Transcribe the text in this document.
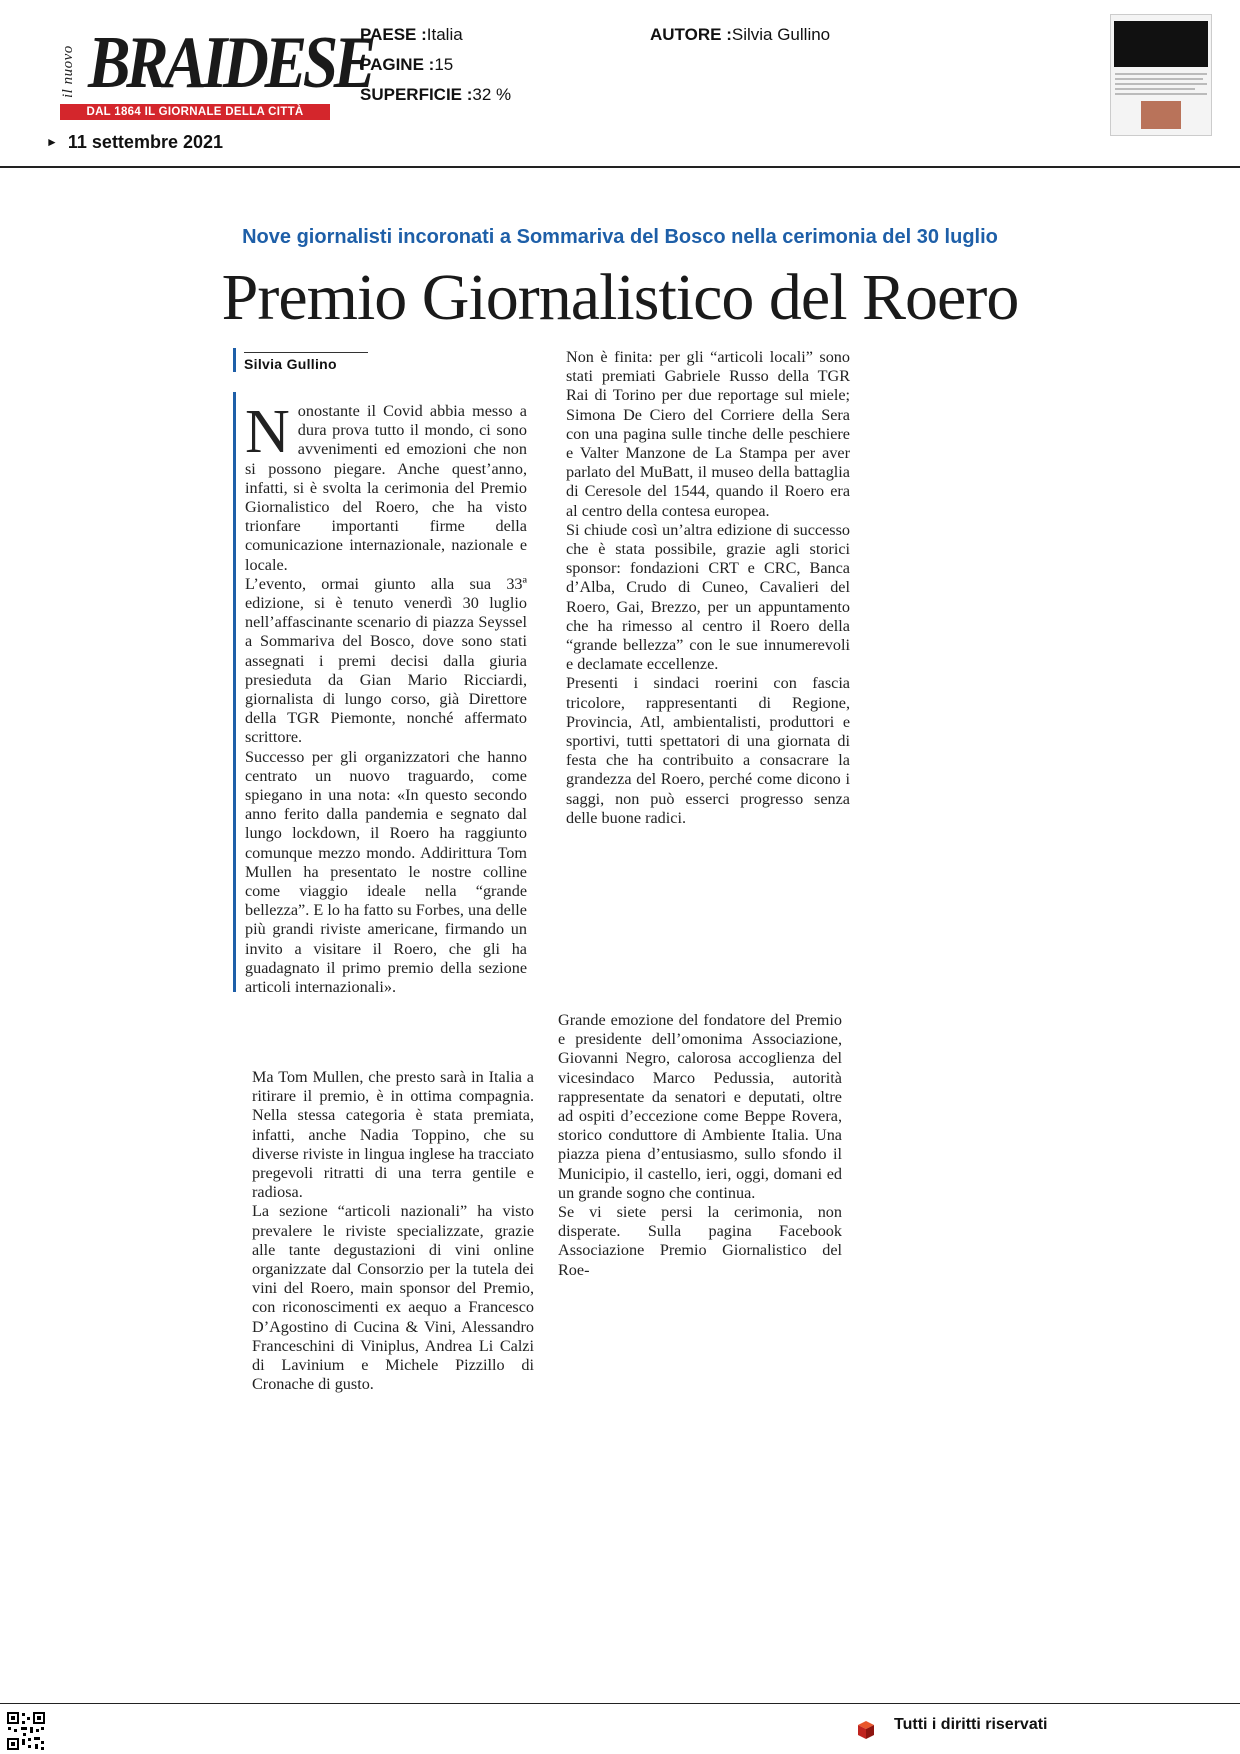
il nuovo BRAIDESE
DAL 1864 IL GIORNALE DELLA CITTÀ
PAESE :Italia
PAGINE :15
SUPERFICIE :32 %
AUTORE :Silvia Gullino
► 11 settembre 2021
Nove giornalisti incoronati a Sommariva del Bosco nella cerimonia del 30 luglio
Premio Giornalistico del Roero
Silvia Gullino
N onostante il Covid abbia messo a dura prova tutto il mondo, ci sono avvenimenti ed emozioni che non si possono piegare. Anche quest’anno, infatti, si è svolta la cerimonia del Premio Giornalistico del Roero, che ha visto trionfare importanti firme della comunicazione internazionale, nazionale e locale.

L’evento, ormai giunto alla sua 33ª edizione, si è tenuto venerdì 30 luglio nell’affascinante scenario di piazza Seyssel a Sommariva del Bosco, dove sono stati assegnati i premi decisi dalla giuria presieduta da Gian Mario Ricciardi, giornalista di lungo corso, già Direttore della TGR Piemonte, nonché affermato scrittore.

Successo per gli organizzatori che hanno centrato un nuovo traguardo, come spiegano in una nota: «In questo secondo anno ferito dalla pandemia e segnato dal lungo lockdown, il Roero ha raggiunto comunque mezzo mondo. Addirittura Tom Mullen ha presentato le nostre colline come viaggio ideale nella “grande bellezza”. E lo ha fatto su Forbes, una delle più grandi riviste americane, firmando un invito a visitare il Roero, che gli ha guadagnato il primo premio della sezione articoli internazionali».

Ma Tom Mullen, che presto sarà in Italia a ritirare il premio, è in ottima compagnia. Nella stessa categoria è stata premiata, infatti, anche Nadia Toppino, che su diverse riviste in lingua inglese ha tracciato pregevoli ritratti di una terra gentile e radiosa.

La sezione “articoli nazionali” ha visto prevalere le riviste specializzate, grazie alle tante degustazioni di vini online organizzate dal Consorzio per la tutela dei vini del Roero, main sponsor del Premio, con riconoscimenti ex aequo a Francesco D’Agostino di Cucina & Vini, Alessandro Franceschini di Viniplus, Andrea Li Calzi di Lavinium e Michele Pizzillo di Cronache di gusto.

Non è finita: per gli “articoli locali” sono stati premiati Gabriele Russo della TGR Rai di Torino per due reportage sul miele; Simona De Ciero del Corriere della Sera con una pagina sulle tinche delle peschiere e Valter Manzone de La Stampa per aver parlato del MuBatt, il museo della battaglia di Ceresole del 1544, quando il Roero era al centro della contesa europea.

Si chiude così un’altra edizione di successo che è stata possibile, grazie agli storici sponsor: fondazioni CRT e CRC, Banca d’Alba, Crudo di Cuneo, Cavalieri del Roero, Gai, Brezzo, per un appuntamento che ha rimesso al centro il Roero della “grande bellezza” con le sue innumerevoli e declamate eccellenze.

Presenti i sindaci roerini con fascia tricolore, rappresentanti di Regione, Provincia, Atl, ambientalisti, produttori e sportivi, tutti spettatori di una giornata di festa che ha contribuito a consacrare la grandezza del Roero, perché come dicono i saggi, non può esserci progresso senza delle buone radici.

Grande emozione del fondatore del Premio e presidente dell’omonima Associazione, Giovanni Negro, calorosa accoglienza del vicesindaco Marco Pedussia, autorità rappresentate da senatori e deputati, oltre ad ospiti d’eccezione come Beppe Rovera, storico conduttore di Ambiente Italia. Una piazza piena d’entusiasmo, sullo sfondo il Municipio, il castello, ieri, oggi, domani ed un grande sogno che continua.

Se vi siete persi la cerimonia, non disperate. Sulla pagina Facebook Associazione Premio Giornalistico del Roe-

Tutti i diritti riservati
